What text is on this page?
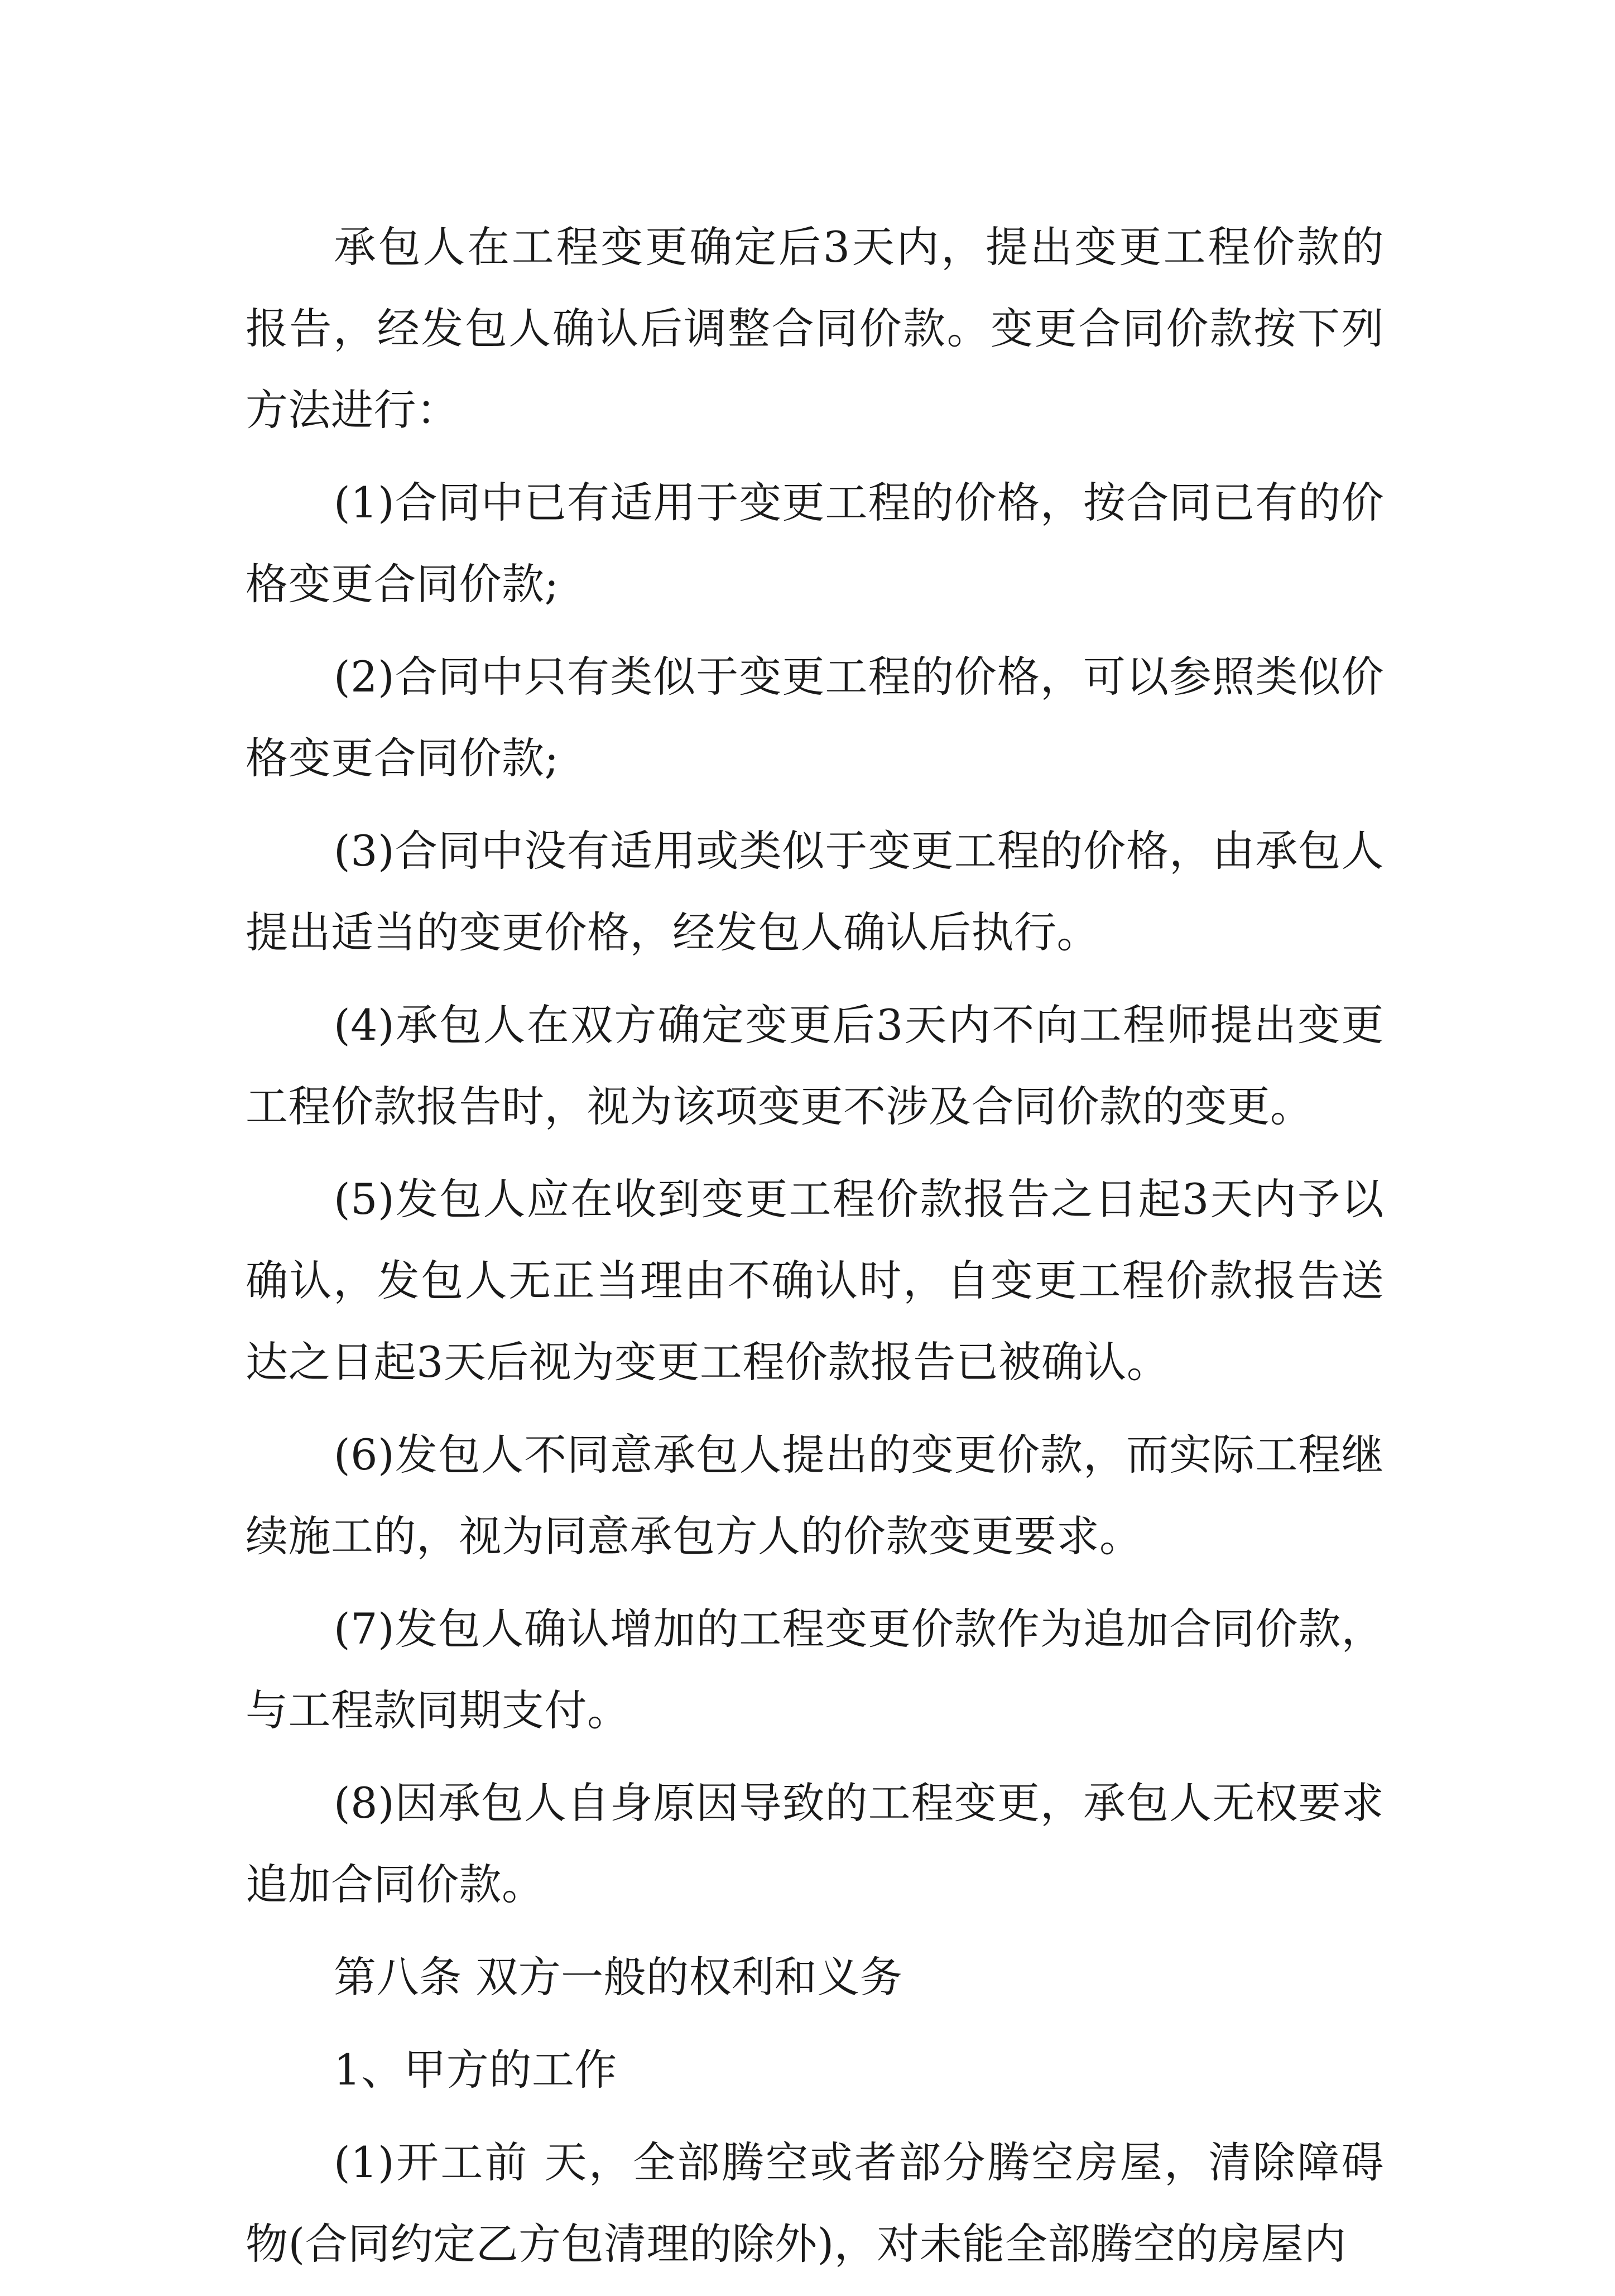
承包人在工程变更确定后3天内，提出变更工程价款的报告，经发包人确认后调整合同价款。变更合同价款按下列方法进行：

(1)合同中已有适用于变更工程的价格，按合同已有的价格变更合同价款;

(2)合同中只有类似于变更工程的价格，可以参照类似价格变更合同价款;

(3)合同中没有适用或类似于变更工程的价格，由承包人提出适当的变更价格，经发包人确认后执行。

(4)承包人在双方确定变更后3天内不向工程师提出变更工程价款报告时，视为该项变更不涉及合同价款的变更。

(5)发包人应在收到变更工程价款报告之日起3天内予以确认，发包人无正当理由不确认时，自变更工程价款报告送达之日起3天后视为变更工程价款报告已被确认。

(6)发包人不同意承包人提出的变更价款，而实际工程继续施工的，视为同意承包方人的价款变更要求。

(7)发包人确认增加的工程变更价款作为追加合同价款，与工程款同期支付。

(8)因承包人自身原因导致的工程变更，承包人无权要求追加合同价款。

第八条 双方一般的权利和义务

1、甲方的工作

(1)开工前 天，全部腾空或者部分腾空房屋，清除障碍物(合同约定乙方包清理的除外)，对未能全部腾空的房屋内
